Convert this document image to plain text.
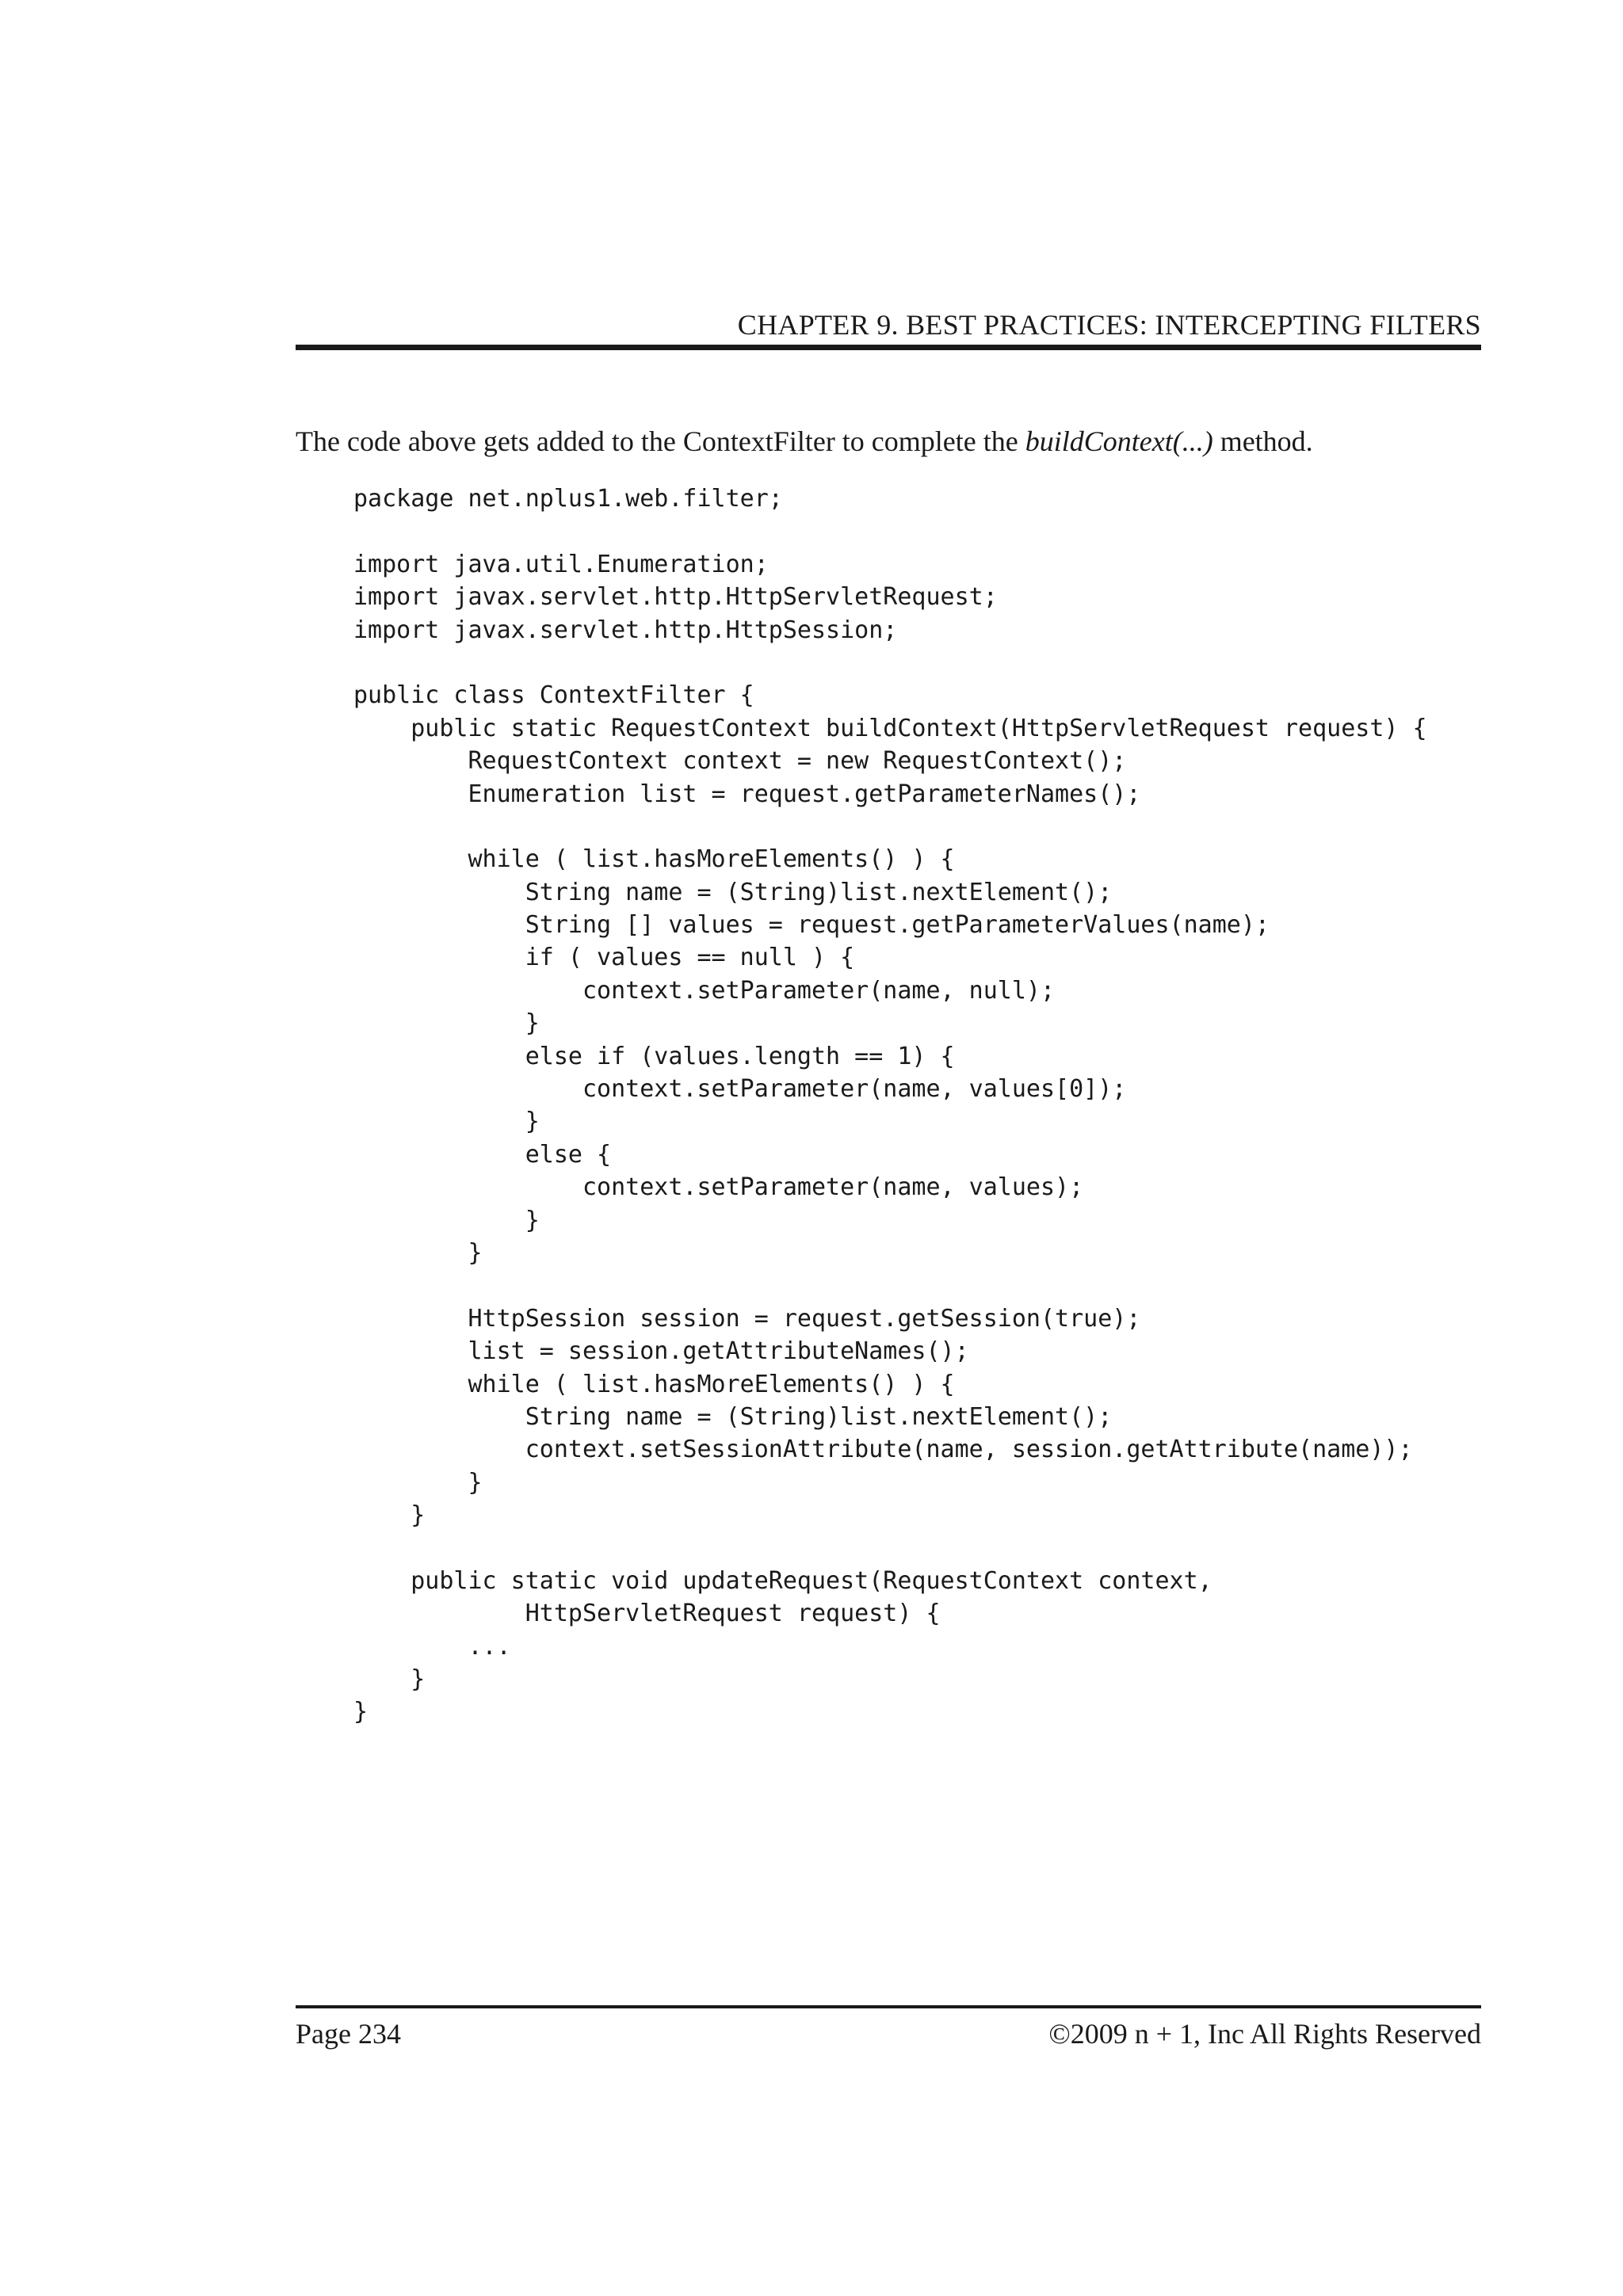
CHAPTER 9. BEST PRACTICES: INTERCEPTING FILTERS

The code above gets added to the ContextFilter to complete the buildContext(...) method.

package net.nplus1.web.filter;
import java.util.Enumeration;
import javax.servlet.http.HttpServletRequest;
import javax.servlet.http.HttpSession;
public class ContextFilter {
public static RequestContext buildContext(HttpServletRequest request) {
RequestContext context = new RequestContext();
Enumeration list = request.getParameterNames();
while ( list.hasMoreElements() ) {
String name = (String)list.nextElement();
String [] values = request.getParameterValues(name);
if ( values == null ) {
context.setParameter(name, null);
}
else if (values.length == 1) {
context.setParameter(name, values[0]);
}
else {
context.setParameter(name, values);
}
}
HttpSession session = request.getSession(true);
list = session.getAttributeNames();
while ( list.hasMoreElements() ) {
String name = (String)list.nextElement();
context.setSessionAttribute(name, session.getAttribute(name));
}
}
public static void updateRequest(RequestContext context,
HttpServletRequest request) {
...
}
}
Page 234	©2009 n + 1, Inc All Rights Reserved
